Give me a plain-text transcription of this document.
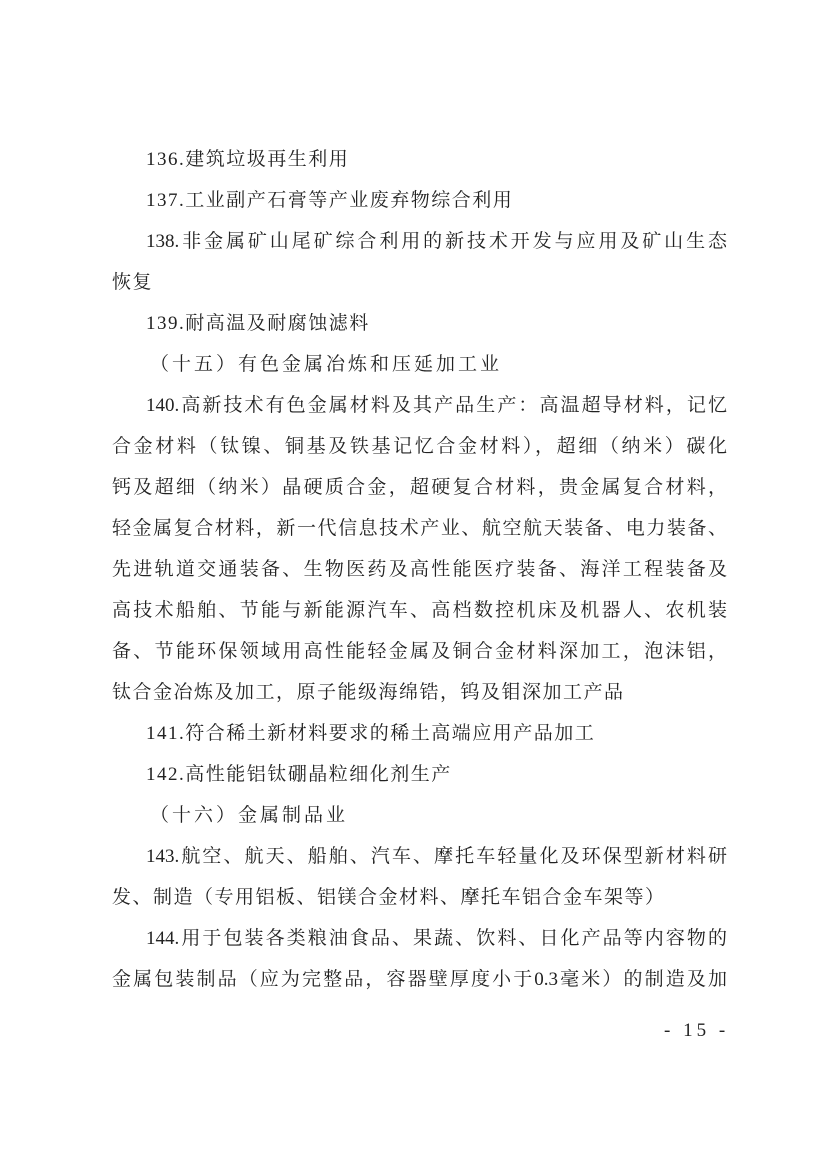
136.建筑垃圾再生利用
137.工业副产石膏等产业废弃物综合利用
138.非金属矿山尾矿综合利用的新技术开发与应用及矿山生态
恢复
139.耐高温及耐腐蚀滤料
（十五）有色金属冶炼和压延加工业
140.高新技术有色金属材料及其产品生产：高温超导材料，记忆
合金材料（钛镍、铜基及铁基记忆合金材料），超细（纳米）碳化
钙及超细（纳米）晶硬质合金，超硬复合材料，贵金属复合材料，
轻金属复合材料，新一代信息技术产业、航空航天装备、电力装备、
先进轨道交通装备、生物医药及高性能医疗装备、海洋工程装备及
高技术船舶、节能与新能源汽车、高档数控机床及机器人、农机装
备、节能环保领域用高性能轻金属及铜合金材料深加工，泡沫铝，
钛合金冶炼及加工，原子能级海绵锆，钨及钼深加工产品
141.符合稀土新材料要求的稀土高端应用产品加工
142.高性能铝钛硼晶粒细化剂生产
（十六）金属制品业
143.航空、航天、船舶、汽车、摩托车轻量化及环保型新材料研
发、制造（专用铝板、铝镁合金材料、摩托车铝合金车架等）
144.用于包装各类粮油食品、果蔬、饮料、日化产品等内容物的
金属包装制品（应为完整品，容器壁厚度小于0.3毫米）的制造及加
- 15 -
